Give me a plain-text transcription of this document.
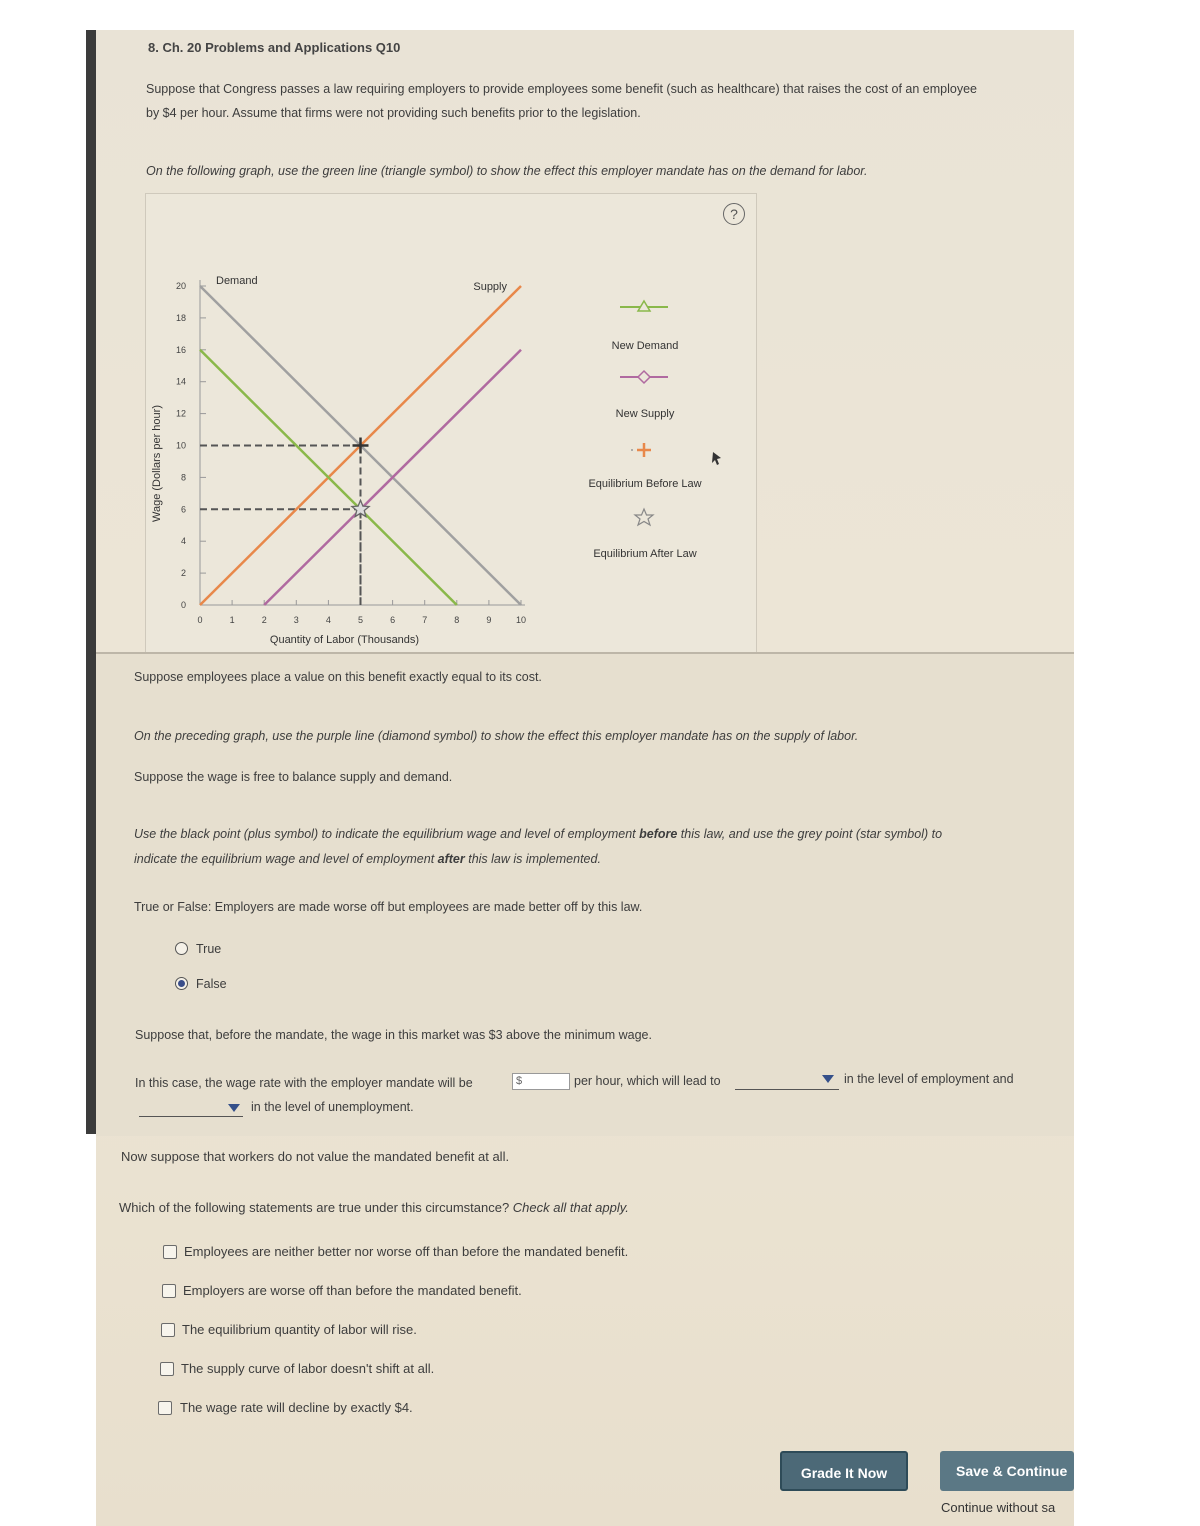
8. Ch. 20 Problems and Applications Q10
Suppose that Congress passes a law requiring employers to provide employees some benefit (such as healthcare) that raises the cost of an employee
by $4 per hour. Assume that firms were not providing such benefits prior to the legislation.
On the following graph, use the green line (triangle symbol) to show the effect this employer mandate has on the demand for labor.
?
0
2
4
6
8
10
12
14
16
18
20
0	1	2	3	4	5	6	7	8	9	10
Quantity of Labor (Thousands)
Wage (Dollars per hour)
Demand	Supply
New Demand
New Supply
Equilibrium Before Law
Equilibrium After Law
Suppose employees place a value on this benefit exactly equal to its cost.
On the preceding graph, use the purple line (diamond symbol) to show the effect this employer mandate has on the supply of labor.
Suppose the wage is free to balance supply and demand.
Use the black point (plus symbol) to indicate the equilibrium wage and level of employment before this law, and use the grey point (star symbol) to
indicate the equilibrium wage and level of employment after this law is implemented.
True or False: Employers are made worse off but employees are made better off by this law.
True
False
Suppose that, before the mandate, the wage in this market was $3 above the minimum wage.
In this case, the wage rate with the employer mandate will be	$	per hour, which will lead to	in the level of employment and
in the level of unemployment.
Now suppose that workers do not value the mandated benefit at all.
Which of the following statements are true under this circumstance? Check all that apply.
Employees are neither better nor worse off than before the mandated benefit.
Employers are worse off than before the mandated benefit.
The equilibrium quantity of labor will rise.
The supply curve of labor doesn't shift at all.
The wage rate will decline by exactly $4.
Grade It Now	Save & Continue
Continue without sa
